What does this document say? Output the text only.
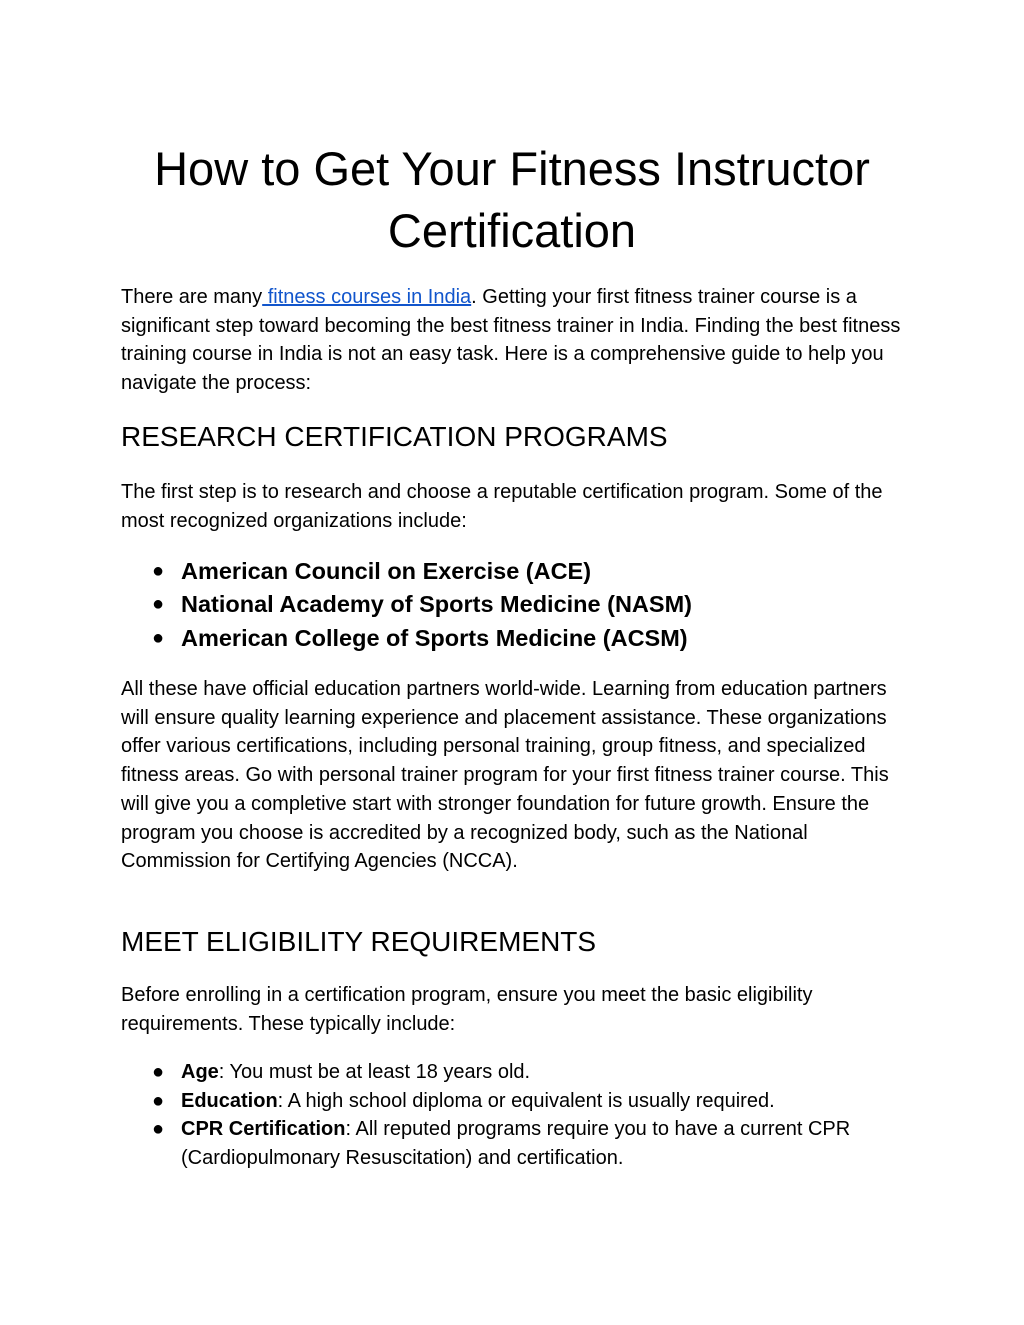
How to Get Your Fitness Instructor Certification

There are many fitness courses in India. Getting your first fitness trainer course is a significant step toward becoming the best fitness trainer in India. Finding the best fitness training course in India is not an easy task. Here is a comprehensive guide to help you navigate the process:

RESEARCH CERTIFICATION PROGRAMS

The first step is to research and choose a reputable certification program. Some of the most recognized organizations include:

● American Council on Exercise (ACE)
● National Academy of Sports Medicine (NASM)
● American College of Sports Medicine (ACSM)

All these have official education partners world-wide. Learning from education partners will ensure quality learning experience and placement assistance. These organizations offer various certifications, including personal training, group fitness, and specialized fitness areas. Go with personal trainer program for your first fitness trainer course. This will give you a completive start with stronger foundation for future growth. Ensure the program you choose is accredited by a recognized body, such as the National Commission for Certifying Agencies (NCCA).

MEET ELIGIBILITY REQUIREMENTS

Before enrolling in a certification program, ensure you meet the basic eligibility requirements. These typically include:

● Age: You must be at least 18 years old.
● Education: A high school diploma or equivalent is usually required.
● CPR Certification: All reputed programs require you to have a current CPR (Cardiopulmonary Resuscitation) and certification.
